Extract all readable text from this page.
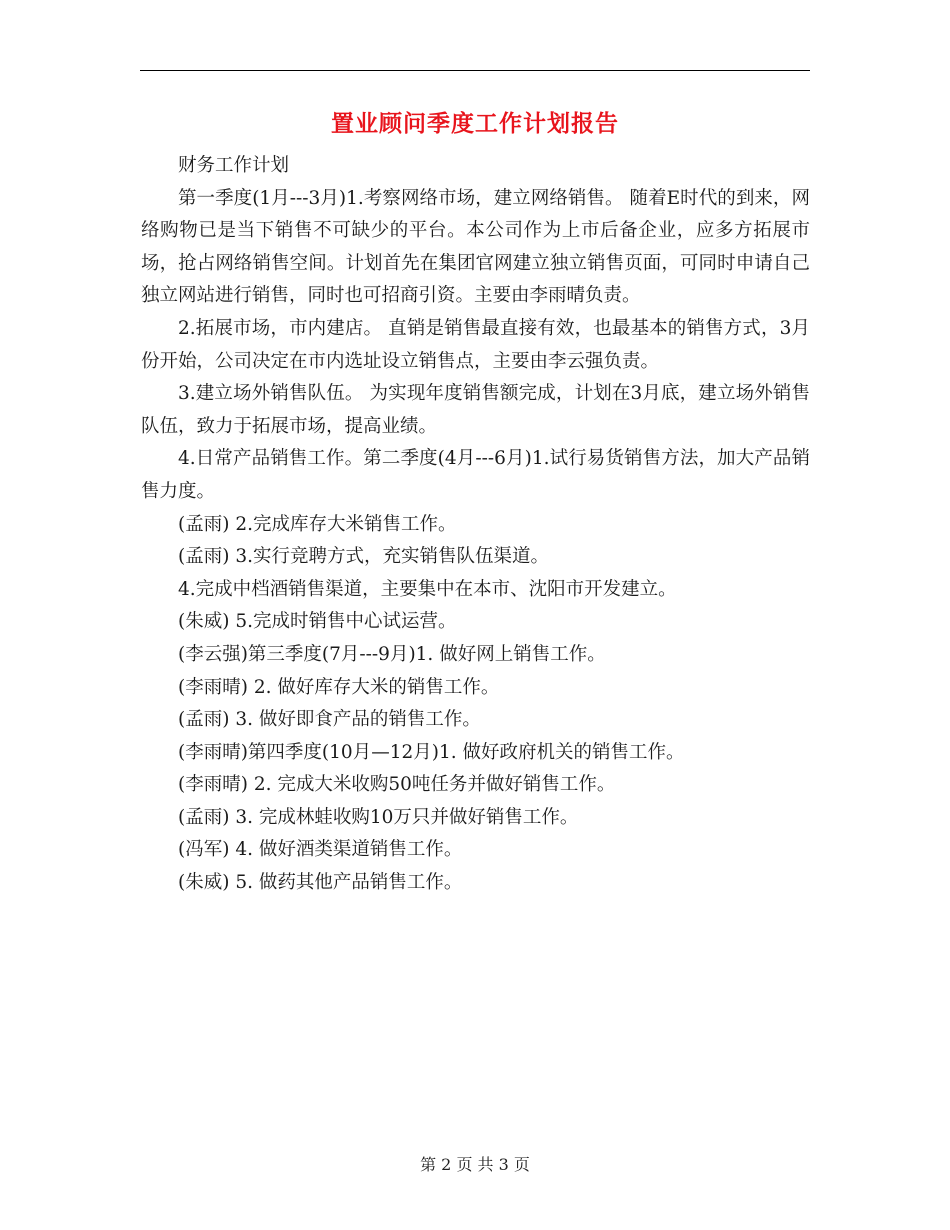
置业顾问季度工作计划报告

财务工作计划

第一季度(1月---3月)1.考察网络市场，建立网络销售。 随着E时代的到来，网络购物已是当下销售不可缺少的平台。本公司作为上市后备企业，应多方拓展市场，抢占网络销售空间。计划首先在集团官网建立独立销售页面，可同时申请自己独立网站进行销售，同时也可招商引资。主要由李雨晴负责。

2.拓展市场，市内建店。 直销是销售最直接有效，也最基本的销售方式，3月份开始，公司决定在市内选址设立销售点，主要由李云强负责。

3.建立场外销售队伍。 为实现年度销售额完成，计划在3月底，建立场外销售队伍，致力于拓展市场，提高业绩。

4.日常产品销售工作。第二季度(4月---6月)1.试行易货销售方法，加大产品销售力度。

(孟雨) 2.完成库存大米销售工作。

(孟雨) 3.实行竞聘方式，充实销售队伍渠道。

4.完成中档酒销售渠道，主要集中在本市、沈阳市开发建立。

(朱威) 5.完成时销售中心试运营。

(李云强)第三季度(7月---9月)1. 做好网上销售工作。

(李雨晴) 2. 做好库存大米的销售工作。

(孟雨) 3. 做好即食产品的销售工作。

(李雨晴)第四季度(10月—12月)1. 做好政府机关的销售工作。

(李雨晴) 2. 完成大米收购50吨任务并做好销售工作。

(孟雨) 3. 完成林蛙收购10万只并做好销售工作。

(冯军) 4. 做好酒类渠道销售工作。

(朱威) 5. 做药其他产品销售工作。

第 2 页 共 3 页
